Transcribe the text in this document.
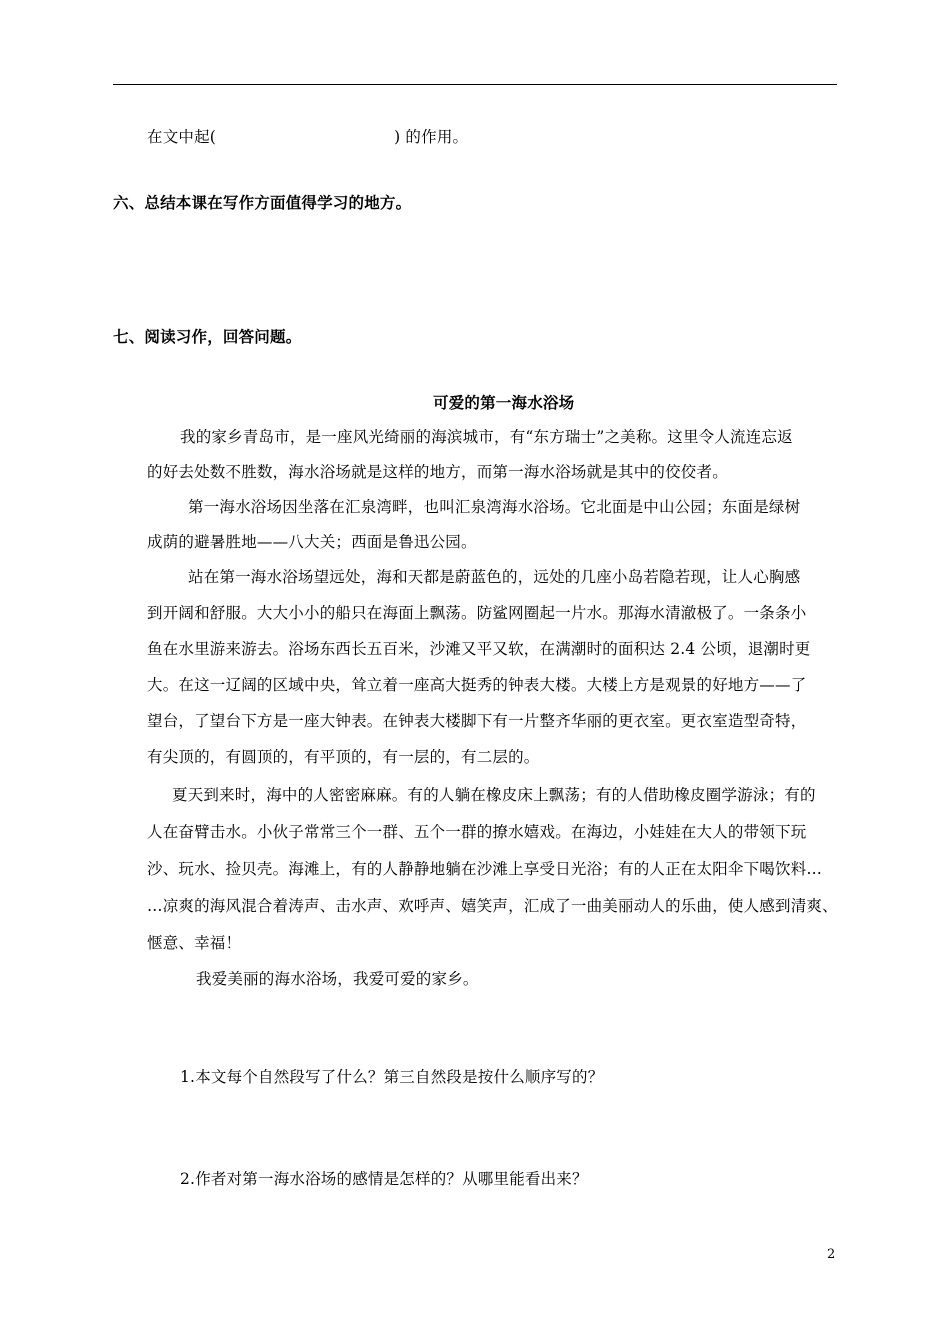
在文中起(	) 的作用。
六、总结本课在写作方面值得学习的地方。
七、阅读习作，回答问题。
可爱的第一海水浴场
我的家乡青岛市，是一座风光绮丽的海滨城市，有“东方瑞士”之美称。这里令人流连忘返
的好去处数不胜数，海水浴场就是这样的地方，而第一海水浴场就是其中的佼佼者。
第一海水浴场因坐落在汇泉湾畔，也叫汇泉湾海水浴场。它北面是中山公园；东面是绿树
成荫的避暑胜地——八大关；西面是鲁迅公园。
站在第一海水浴场望远处，海和天都是蔚蓝色的，远处的几座小岛若隐若现，让人心胸感
到开阔和舒服。大大小小的船只在海面上飘荡。防鲨网圈起一片水。那海水清澈极了。一条条小
鱼在水里游来游去。浴场东西长五百米，沙滩又平又软，在满潮时的面积达 2.4 公顷，退潮时更
大。在这一辽阔的区域中央，耸立着一座高大挺秀的钟表大楼。大楼上方是观景的好地方——了
望台，了望台下方是一座大钟表。在钟表大楼脚下有一片整齐华丽的更衣室。更衣室造型奇特，
有尖顶的，有圆顶的，有平顶的，有一层的，有二层的。
夏天到来时，海中的人密密麻麻。有的人躺在橡皮床上飘荡；有的人借助橡皮圈学游泳；有的
人在奋臂击水。小伙子常常三个一群、五个一群的撩水嬉戏。在海边，小娃娃在大人的带领下玩
沙、玩水、捡贝壳。海滩上，有的人静静地躺在沙滩上享受日光浴；有的人正在太阳伞下喝饮料…
…凉爽的海风混合着涛声、击水声、欢呼声、嬉笑声，汇成了一曲美丽动人的乐曲，使人感到清爽、
惬意、幸福！
我爱美丽的海水浴场，我爱可爱的家乡。
1.本文每个自然段写了什么？第三自然段是按什么顺序写的？
2.作者对第一海水浴场的感情是怎样的？从哪里能看出来？
2
